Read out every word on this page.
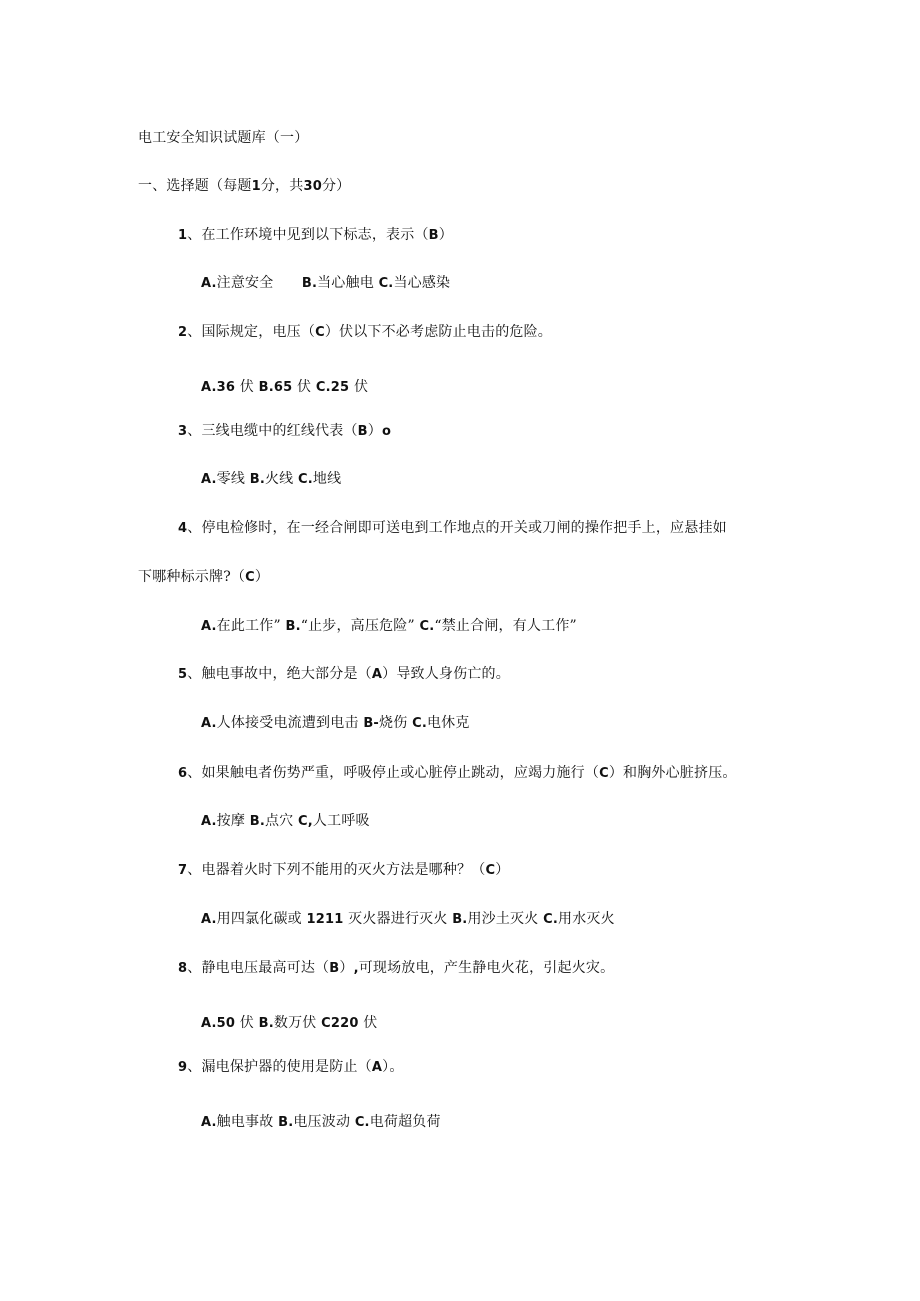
电工安全知识试题库（一）
一、选择题（每题1分，共30分）
1、在工作环境中见到以下标志，表示（B）
A.注意安全　　B.当心触电 C.当心感染
2、国际规定，电压（C）伏以下不必考虑防止电击的危险。
A.36 伏 B.65 伏 C.25 伏
3、三线电缆中的红线代表（B）o
A.零线 B.火线 C.地线
4、停电检修时，在一经合闸即可送电到工作地点的开关或刀闸的操作把手上，应悬挂如
下哪种标示牌?（C）
A.在此工作” B.“止步，高压危险” C.“禁止合闸，有人工作”
5、触电事故中，绝大部分是（A）导致人身伤亡的。
A.人体接受电流遭到电击 B-烧伤 C.电休克
6、如果触电者伤势严重，呼吸停止或心脏停止跳动，应竭力施行（C）和胸外心脏挤压。
A.按摩 B.点穴 C,人工呼吸
7、电器着火时下列不能用的灭火方法是哪种？（C）
A.用四氯化碳或 1211 灭火器进行灭火 B.用沙土灭火 C.用水灭火
8、静电电压最高可达（B）,可现场放电，产生静电火花，引起火灾。
A.50 伏 B.数万伏 C220 伏
9、漏电保护器的使用是防止（A）。
A.触电事故 B.电压波动 C.电荷超负荷
